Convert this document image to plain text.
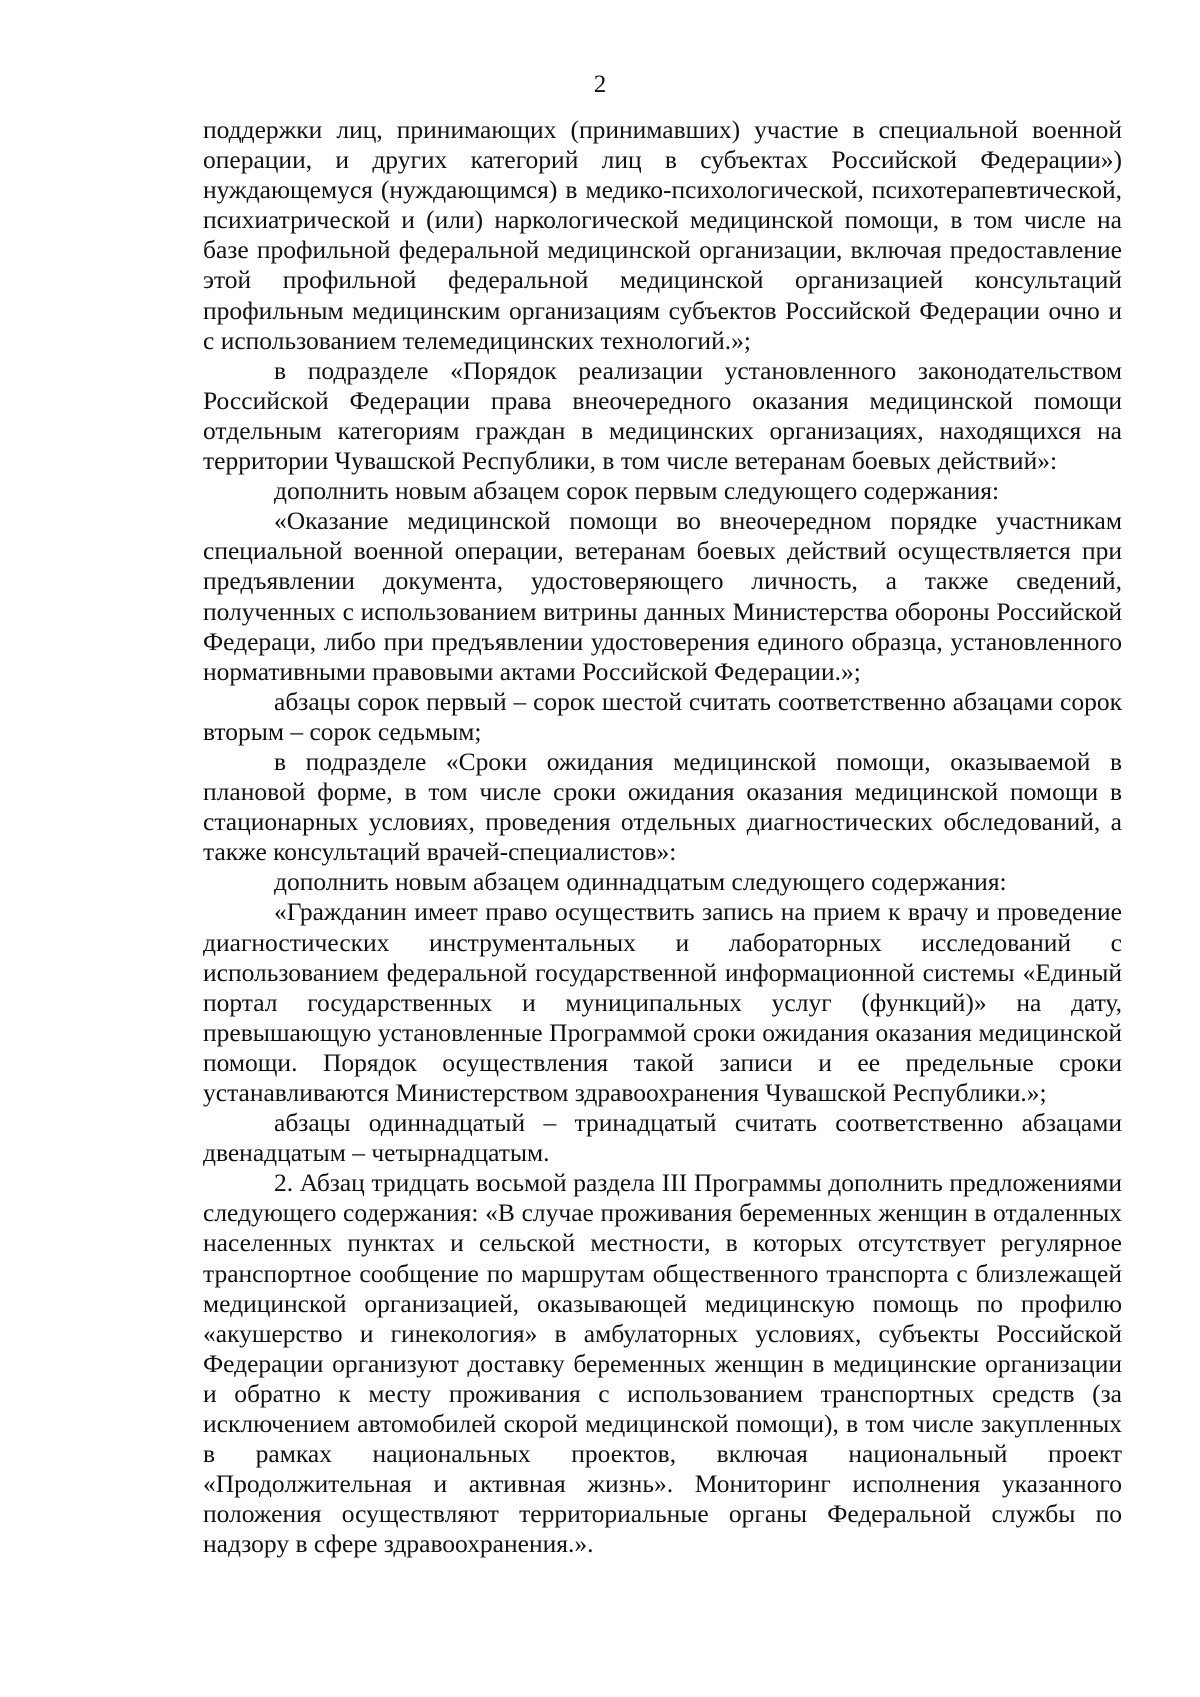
2

поддержки лиц, принимающих (принимавших) участие в специальной военной операции, и других категорий лиц в субъектах Российской Федерации») нуждающемуся (нуждающимся) в медико-психологической, психотерапевтической, психиатрической и (или) наркологической медицинской помощи, в том числе на базе профильной федеральной медицинской организации, включая предоставление этой профильной федеральной медицинской организацией консультаций профильным медицинским организациям субъектов Российской Федерации очно и с использованием телемедицинских технологий.»;

в подразделе «Порядок реализации установленного законодательством Российской Федерации права внеочередного оказания медицинской помощи отдельным категориям граждан в медицинских организациях, находящихся на территории Чувашской Республики, в том числе ветеранам боевых действий»:

дополнить новым абзацем сорок первым следующего содержания:

«Оказание медицинской помощи во внеочередном порядке участникам специальной военной операции, ветеранам боевых действий осуществляется при предъявлении документа, удостоверяющего личность, а также сведений, полученных с использованием витрины данных Министерства обороны Российской Федераци, либо при предъявлении удостоверения единого образца, установленного нормативными правовыми актами Российской Федерации.»;

абзацы сорок первый – сорок шестой считать соответственно абзацами сорок вторым – сорок седьмым;

в подразделе «Сроки ожидания медицинской помощи, оказываемой в плановой форме, в том числе сроки ожидания оказания медицинской помощи в стационарных условиях, проведения отдельных диагностических обследований, а также консультаций врачей-специалистов»:

дополнить новым абзацем одиннадцатым следующего содержания:

«Гражданин имеет право осуществить запись на прием к врачу и проведение диагностических инструментальных и лабораторных исследований с использованием федеральной государственной информационной системы «Единый портал государственных и муниципальных услуг (функций)» на дату, превышающую установленные Программой сроки ожидания оказания медицинской помощи. Порядок осуществления такой записи и ее предельные сроки устанавливаются Министерством здравоохранения Чувашской Республики.»;

абзацы одиннадцатый – тринадцатый считать соответственно абзацами двенадцатым – четырнадцатым.

2. Абзац тридцать восьмой раздела III Программы дополнить предложениями следующего содержания: «В случае проживания беременных женщин в отдаленных населенных пунктах и сельской местности, в которых отсутствует регулярное транспортное сообщение по маршрутам общественного транспорта с близлежащей медицинской организацией, оказывающей медицинскую помощь по профилю «акушерство и гинекология» в амбулаторных условиях, субъекты Российской Федерации организуют доставку беременных женщин в медицинские организации и обратно к месту проживания с использованием транспортных средств (за исключением автомобилей скорой медицинской помощи), в том числе закупленных в рамках национальных проектов, включая национальный проект «Продолжительная и активная жизнь». Мониторинг исполнения указанного положения осуществляют территориальные органы Федеральной службы по надзору в сфере здравоохранения.».
